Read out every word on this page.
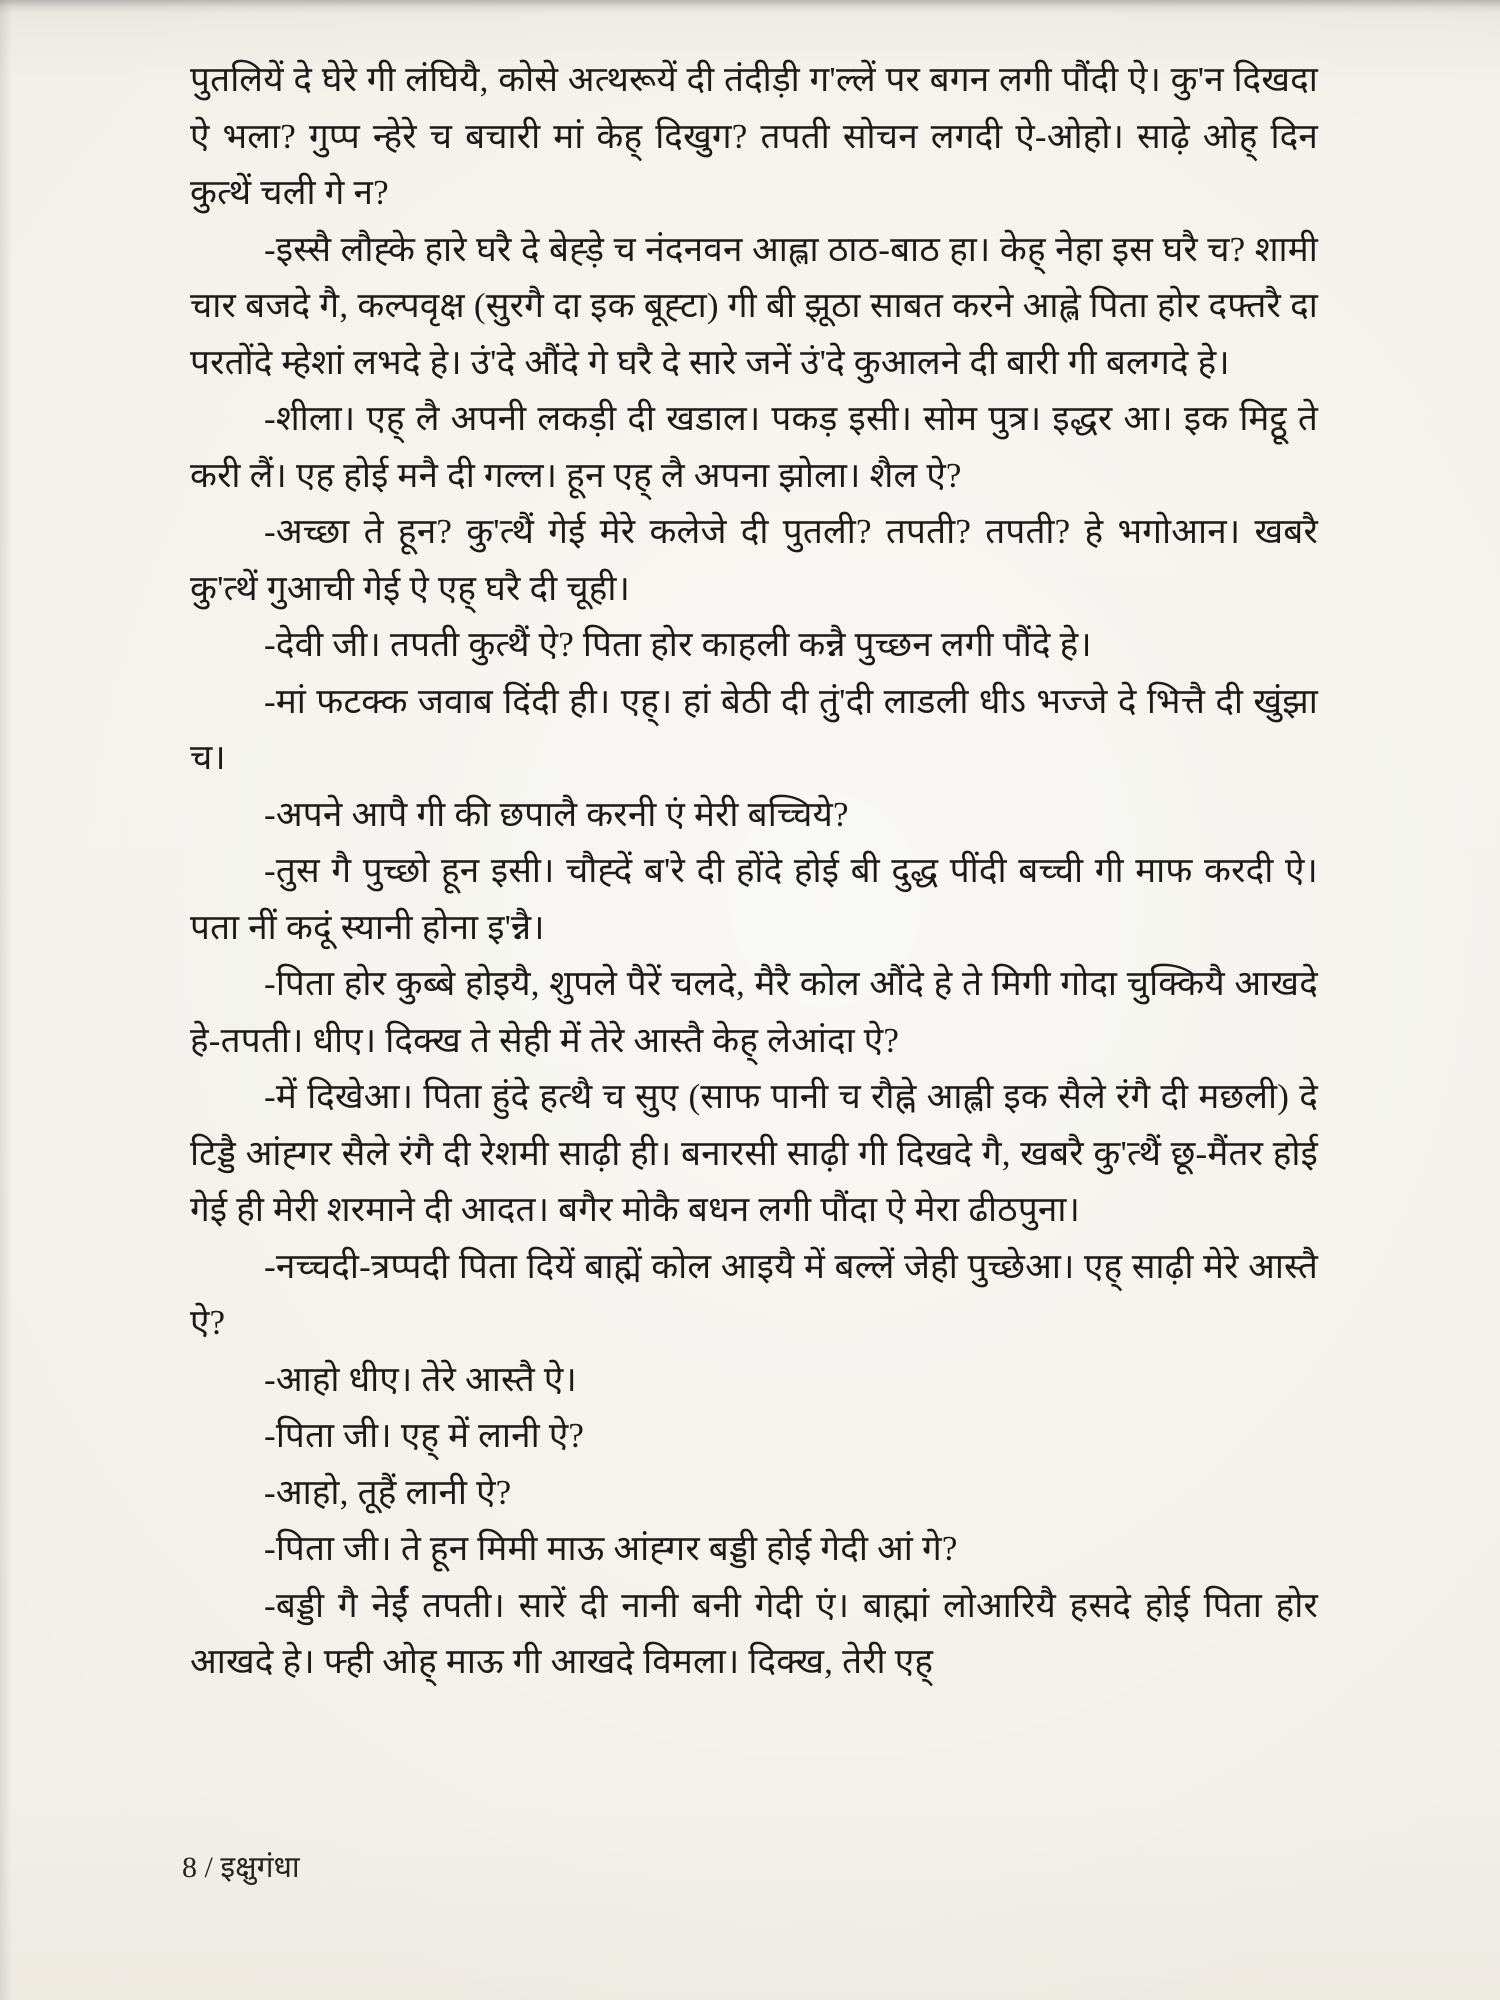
पुतलियें दे घेरे गी लंघियै, कोसे अत्थरूयें दी तंदीड़ी ग'ल्लें पर बगन लगी पौंदी ऐ। कु'न दिखदा ऐ भला? गुप्प न्हेरे च बचारी मां केह् दिखुग? तपती सोचन लगदी ऐ-ओहो। साढ़े ओह् दिन कुत्थें चली गे न?

-इस्सै लौह्के हारे घरै दे बेह्ड़े च नंदनवन आह्ला ठाठ-बाठ हा। केह् नेहा इस घरै च? शामी चार बजदे गै, कल्पवृक्ष (सुरगै दा इक बूह्टा) गी बी झूठा साबत करने आह्ले पिता होर दफ्तरै दा परतोंदे म्हेशां लभदे हे। उं'दे औंदे गे घरै दे सारे जनें उं'दे कुआलने दी बारी गी बलगदे हे।

-शीला। एह् लै अपनी लकड़ी दी खडाल। पकड़ इसी। सोम पुत्र। इद्धर आ। इक मिट्ठू ते करी लैं। एह होई मनै दी गल्ल। हून एह् लै अपना झोला। शैल ऐ?

-अच्छा ते हून? कु'त्थैं गेई मेरे कलेजे दी पुतली? तपती? तपती? हे भगोआन। खबरै कु'त्थें गुआची गेई ऐ एह् घरै दी चूही।

-देवी जी। तपती कुत्थैं ऐ? पिता होर काहली कन्नै पुच्छन लगी पौंदे हे।

-मां फटक्क जवाब दिंदी ही। एह्। हां बेठी दी तुं'दी लाडली धीऽ भज्जे दे भित्तै दी खुंझा च।

-अपने आपै गी की छपालै करनी एं मेरी बच्चिये?

-तुस गै पुच्छो हून इसी। चौह्दें ब'रे दी होंदे होई बी दुद्ध पींदी बच्ची गी माफ करदी ऐ। पता नीं कदूं स्यानी होना इ'न्नै।

-पिता होर कुब्बे होइयै, शुपले पैरें चलदे, मैरै कोल औंदे हे ते मिगी गोदा चुक्कियै आखदे हे-तपती। धीए। दिक्ख ते सेही में तेरे आस्तै केह् लेआंदा ऐ?

-में दिखेआ। पिता हुंदे हत्थै च सुए (साफ पानी च रौह्ने आह्ली इक सैले रंगै दी मछली) दे टिड्डै आंह्गर सैले रंगै दी रेशमी साढ़ी ही। बनारसी साढ़ी गी दिखदे गै, खबरै कु'त्थैं छू-मैंतर होई गेई ही मेरी शरमाने दी आदत। बगैर मोकै बधन लगी पौंदा ऐ मेरा ढीठपुना।

-नच्चदी-त्रप्पदी पिता दियें बाह्में कोल आइयै में बल्लें जेही पुच्छेआ। एह् साढ़ी मेरे आस्तै ऐ?

-आहो धीए। तेरे आस्तै ऐ।

-पिता जी। एह् में लानी ऐ?

-आहो, तूहैं लानी ऐ?

-पिता जी। ते हून मिमी माऊ आंह्गर बड्डी होई गेदी आं गे?

-बड्डी गै नेईं तपती। सारें दी नानी बनी गेदी एं। बाह्मां लोआरियै हसदे होई पिता होर आखदे हे। फ्ही ओह् माऊ गी आखदे विमला। दिक्ख, तेरी एह्

8 / इक्षुगंधा
